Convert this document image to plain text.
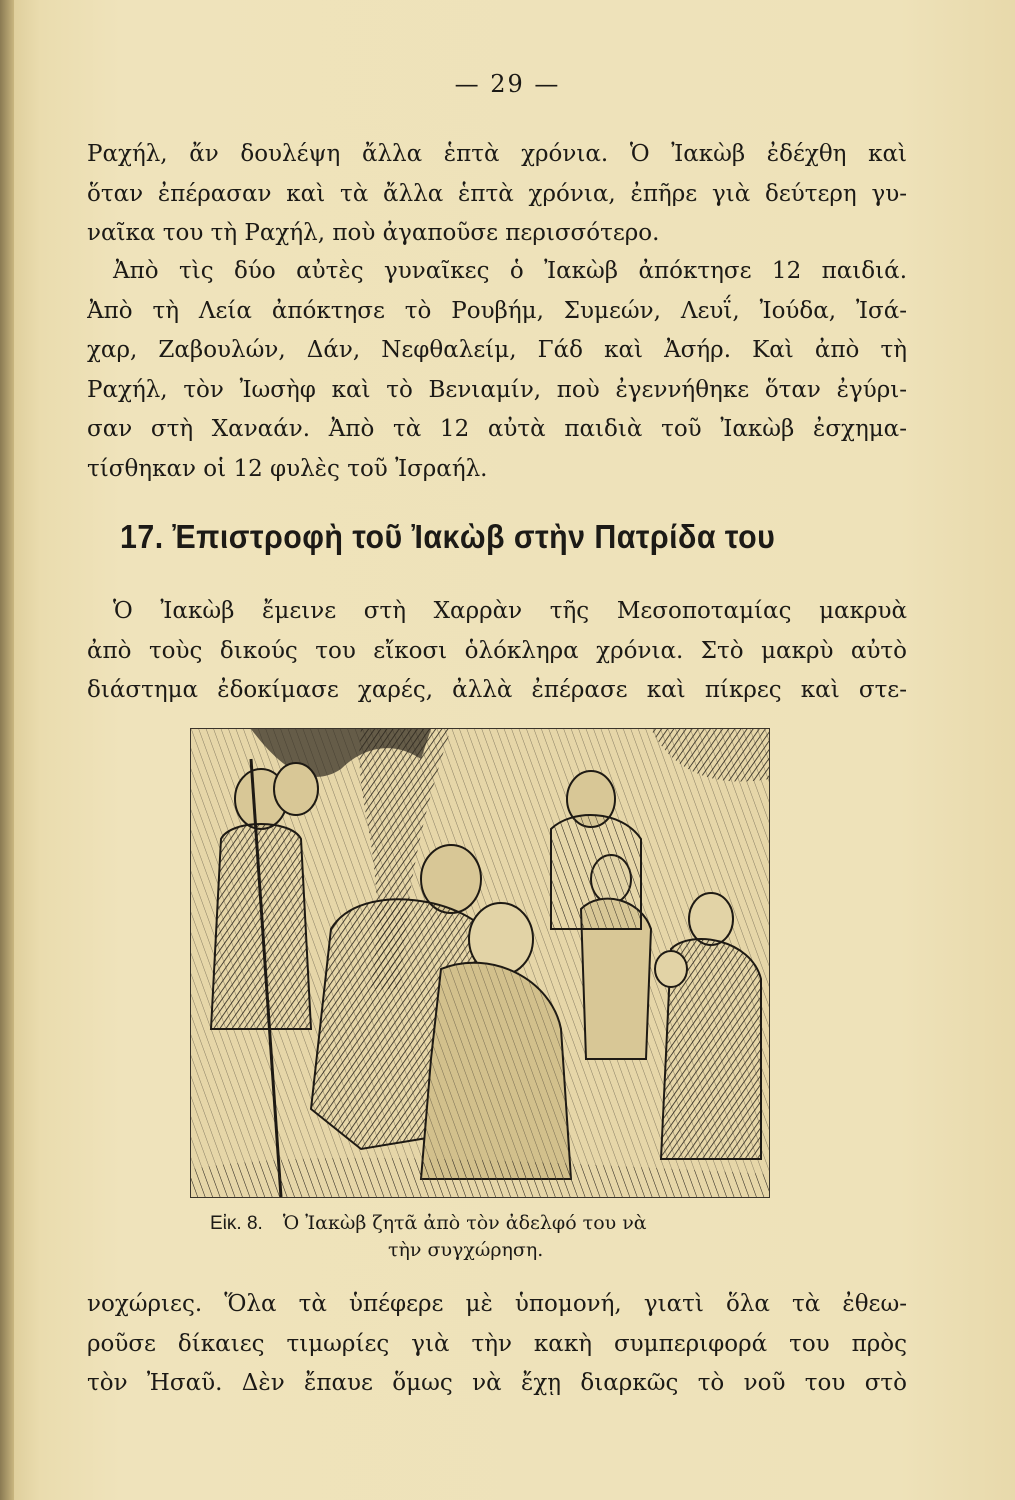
— 29 —
Ραχήλ, ἄν δουλέψη ἄλλα ἑπτὰ χρόνια. Ὁ Ἰακὼβ ἐδέχθη καὶ
ὅταν ἐπέρασαν καὶ τὰ ἄλλα ἑπτὰ χρόνια, ἐπῆρε γιὰ δεύτερη γυ-
ναῖκα του τὴ Ραχήλ, ποὺ ἀγαποῦσε περισσότερο.
Ἀπὸ τὶς δύο αὐτὲς γυναῖκες ὁ Ἰακὼβ ἀπόκτησε 12 παιδιά.
Ἀπὸ τὴ Λεία ἀπόκτησε τὸ Ρουβήμ, Συμεών, Λευΐ, Ἰούδα, Ἰσά-
χαρ, Ζαβουλών, Δάν, Νεφθαλείμ, Γάδ καὶ Ἀσήρ. Καὶ ἀπὸ τὴ
Ραχήλ, τὸν Ἰωσὴφ καὶ τὸ Βενιαμίν, ποὺ ἐγεννήθηκε ὅταν ἐγύρι-
σαν στὴ Χαναάν. Ἀπὸ τὰ 12 αὐτὰ παιδιὰ τοῦ Ἰακὼβ ἐσχημα-
τίσθηκαν οἱ 12 φυλὲς τοῦ Ἰσραήλ.
17. Ἐπιστροφὴ τοῦ Ἰακὼβ στὴν Πατρίδα του
Ὁ Ἰακὼβ ἔμεινε στὴ Χαρρὰν τῆς Μεσοποταμίας μακρυὰ
ἀπὸ τοὺς δικούς του εἴκοσι ὁλόκληρα χρόνια. Στὸ μακρὺ αὐτὸ
διάστημα ἐδοκίμασε χαρές, ἀλλὰ ἐπέρασε καὶ πίκρες καὶ στε-
Εἰκ. 8. Ὁ Ἰακὼβ ζητᾶ ἀπὸ τὸν ἀδελφό του νὰ
τὴν συγχώρηση.
νοχώριες. Ὅλα τὰ ὑπέφερε μὲ ὑπομονή, γιατὶ ὅλα τὰ ἐθεω-
ροῦσε δίκαιες τιμωρίες γιὰ τὴν κακὴ συμπεριφορά του πρὸς
τὸν Ἠσαῦ. Δὲν ἔπαυε ὅμως νὰ ἔχῃ διαρκῶς τὸ νοῦ του στὸ
